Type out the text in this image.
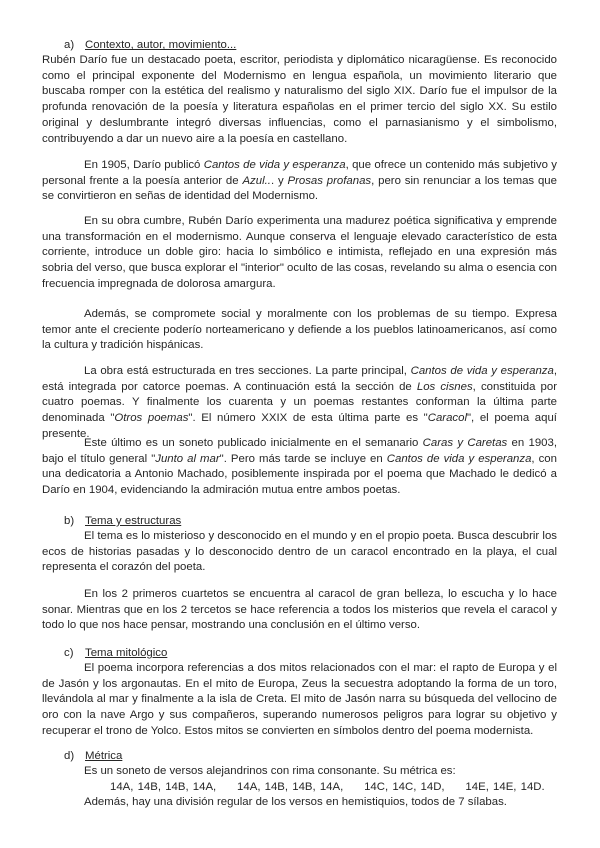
a) Contexto, autor, movimiento...
Rubén Darío fue un destacado poeta, escritor, periodista y diplomático nicaragüense. Es reconocido como el principal exponente del Modernismo en lengua española, un movimiento literario que buscaba romper con la estética del realismo y naturalismo del siglo XIX. Darío fue el impulsor de la profunda renovación de la poesía y literatura españolas en el primer tercio del siglo XX. Su estilo original y deslumbrante integró diversas influencias, como el parnasianismo y el simbolismo, contribuyendo a dar un nuevo aire a la poesía en castellano.
En 1905, Darío publicó Cantos de vida y esperanza, que ofrece un contenido más subjetivo y personal frente a la poesía anterior de Azul... y Prosas profanas, pero sin renunciar a los temas que se convirtieron en señas de identidad del Modernismo.
En su obra cumbre, Rubén Darío experimenta una madurez poética significativa y emprende una transformación en el modernismo. Aunque conserva el lenguaje elevado característico de esta corriente, introduce un doble giro: hacia lo simbólico e intimista, reflejado en una expresión más sobria del verso, que busca explorar el "interior" oculto de las cosas, revelando su alma o esencia con frecuencia impregnada de dolorosa amargura.
Además, se compromete social y moralmente con los problemas de su tiempo. Expresa temor ante el creciente poderío norteamericano y defiende a los pueblos latinoamericanos, así como la cultura y tradición hispánicas.
La obra está estructurada en tres secciones. La parte principal, Cantos de vida y esperanza, está integrada por catorce poemas. A continuación está la sección de Los cisnes, constituida por cuatro poemas. Y finalmente los cuarenta y un poemas restantes conforman la última parte denominada "Otros poemas". El número XXIX de esta última parte es "Caracol", el poema aquí presente.
Este último es un soneto publicado inicialmente en el semanario Caras y Caretas en 1903, bajo el título general "Junto al mar". Pero más tarde se incluye en Cantos de vida y esperanza, con una dedicatoria a Antonio Machado, posiblemente inspirada por el poema que Machado le dedicó a Darío en 1904, evidenciando la admiración mutua entre ambos poetas.
b) Tema y estructuras
El tema es lo misterioso y desconocido en el mundo y en el propio poeta. Busca descubrir los ecos de historias pasadas y lo desconocido dentro de un caracol encontrado en la playa, el cual representa el corazón del poeta.
En los 2 primeros cuartetos se encuentra al caracol de gran belleza, lo escucha y lo hace sonar. Mientras que en los 2 tercetos se hace referencia a todos los misterios que revela el caracol y todo lo que nos hace pensar, mostrando una conclusión en el último verso.
c) Tema mitológico
El poema incorpora referencias a dos mitos relacionados con el mar: el rapto de Europa y el de Jasón y los argonautas. En el mito de Europa, Zeus la secuestra adoptando la forma de un toro, llevándola al mar y finalmente a la isla de Creta. El mito de Jasón narra su búsqueda del vellocino de oro con la nave Argo y sus compañeros, superando numerosos peligros para lograr su objetivo y recuperar el trono de Yolco. Estos mitos se convierten en símbolos dentro del poema modernista.
d) Métrica
Es un soneto de versos alejandrinos con rima consonante. Su métrica es:
14A, 14B, 14B, 14A,     14A, 14B, 14B, 14A,     14C, 14C, 14D,     14E, 14E, 14D.
Además, hay una división regular de los versos en hemistiquios, todos de 7 sílabas.
